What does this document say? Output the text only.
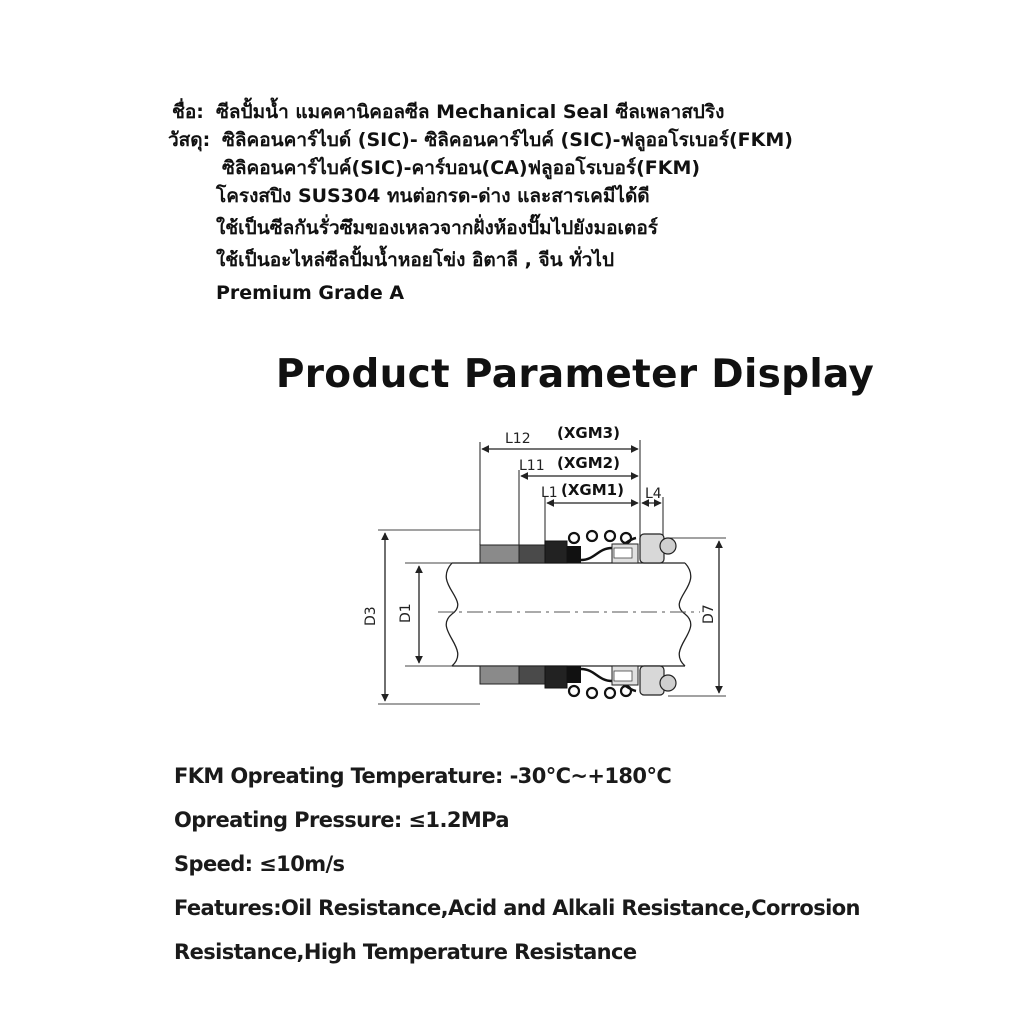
ชื่อ: ซีลปั้มน้ำ แมคคานิคอลซีล Mechanical Seal ซีลเพลาสปริง
วัสดุ: ซิลิคอนคาร์ไบด์ (SIC)- ซิลิคอนคาร์ไบค์ (SIC)-ฟลูออโรเบอร์(FKM)
ซิลิคอนคาร์ไบค์(SIC)-คาร์บอน(CA)ฟลูออโรเบอร์(FKM)
โครงสปิง SUS304 ทนต่อกรด-ด่าง และสารเคมีได้ดี
ใช้เป็นซีลกันรั่วซึมของเหลวจากฝั่งห้องปั๊มไปยังมอเตอร์
ใช้เป็นอะไหล่ซีลปั้มน้ำหอยโข่ง อิตาลี , จีน ทั่วไป
Premium Grade A
Product Parameter Display
L12 (XGM3)
L11 (XGM2)
L1 (XGM1) L4
D3 D1	D7
FKM Opreating Temperature: -30°C~+180°C
Opreating Pressure: ≤1.2MPa
Speed: ≤10m/s
Features:Oil Resistance,Acid and Alkali Resistance,Corrosion
Resistance,High Temperature Resistance
